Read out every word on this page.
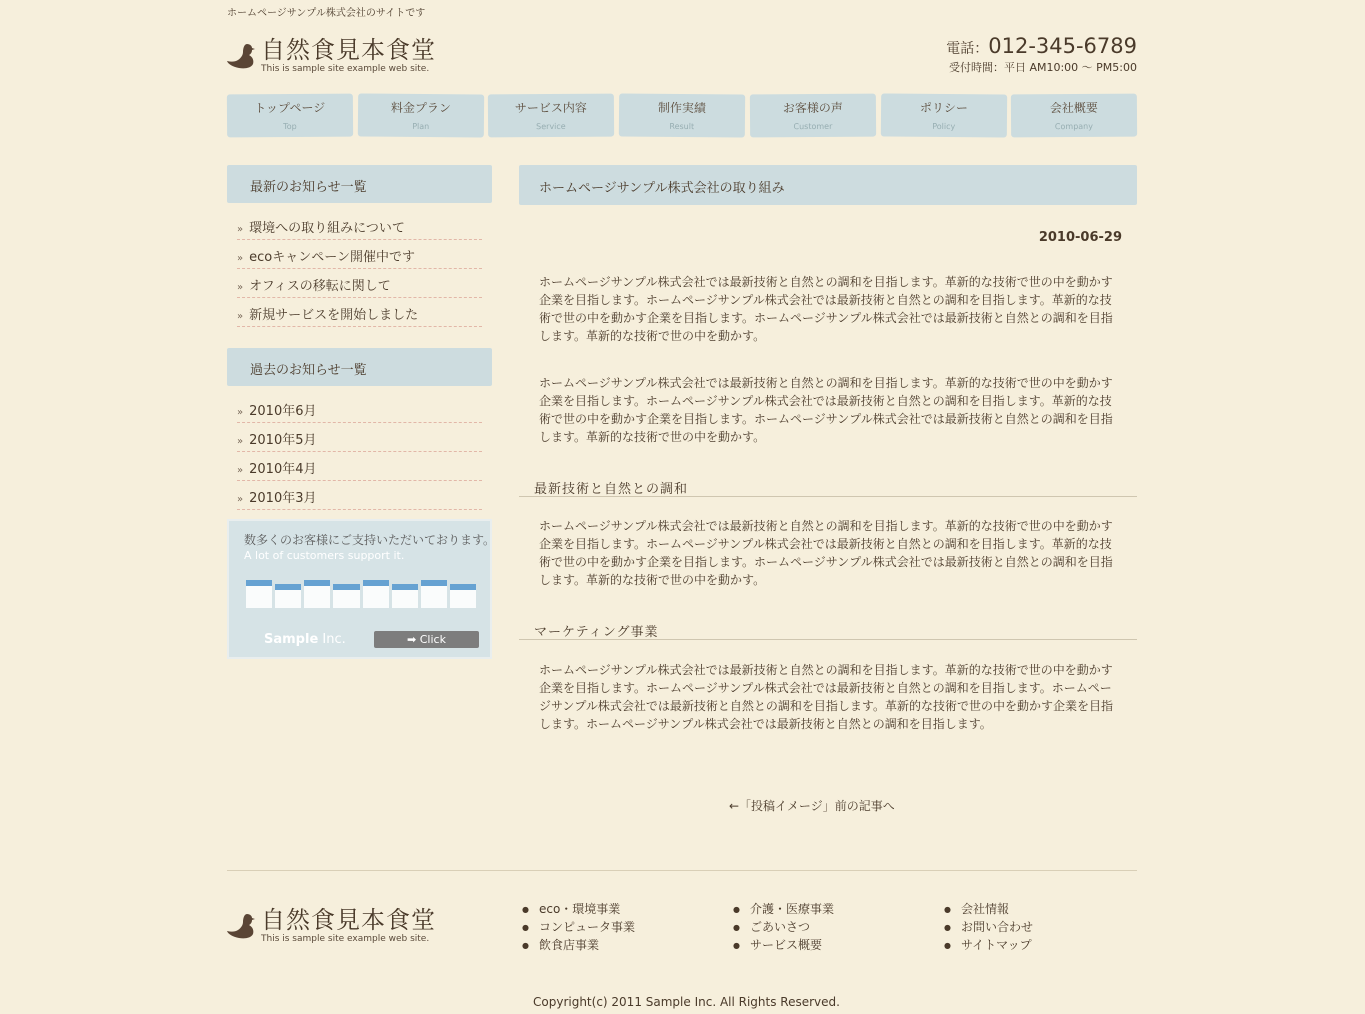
ホームページサンプル株式会社のサイトです
自然食見本食堂
This is sample site example web site.
電話：012-345-6789
受付時間：平日 AM10:00 〜 PM5:00
トップページ
Top
料金プラン
Plan
サービス内容
Service
制作実績
Result
お客様の声
Customer
ポリシー
Policy
会社概要
Company
最新のお知らせ一覧
» 環境への取り組みについて
» ecoキャンペーン開催中です
» オフィスの移転に関して
» 新規サービスを開始しました
過去のお知らせ一覧
» 2010年6月
» 2010年5月
» 2010年4月
» 2010年3月
数多くのお客様にご支持いただいております。
A lot of customers support it.
Sample Inc.	➡ Click
ホームページサンプル株式会社の取り組み
2010-06-29

ホームページサンプル株式会社では最新技術と自然との調和を目指します。革新的な技術で世の中を動かす企業を目指します。ホームページサンプル株式会社では最新技術と自然との調和を目指します。革新的な技術で世の中を動かす企業を目指します。ホームページサンプル株式会社では最新技術と自然との調和を目指します。革新的な技術で世の中を動かす。

ホームページサンプル株式会社では最新技術と自然との調和を目指します。革新的な技術で世の中を動かす企業を目指します。ホームページサンプル株式会社では最新技術と自然との調和を目指します。革新的な技術で世の中を動かす企業を目指します。ホームページサンプル株式会社では最新技術と自然との調和を目指します。革新的な技術で世の中を動かす。

最新技術と自然との調和

ホームページサンプル株式会社では最新技術と自然との調和を目指します。革新的な技術で世の中を動かす企業を目指します。ホームページサンプル株式会社では最新技術と自然との調和を目指します。革新的な技術で世の中を動かす企業を目指します。ホームページサンプル株式会社では最新技術と自然との調和を目指します。革新的な技術で世の中を動かす。

マーケティング事業

ホームページサンプル株式会社では最新技術と自然との調和を目指します。革新的な技術で世の中を動かす企業を目指します。ホームページサンプル株式会社では最新技術と自然との調和を目指します。ホームページサンプル株式会社では最新技術と自然との調和を目指します。革新的な技術で世の中を動かす企業を目指します。ホームページサンプル株式会社では最新技術と自然との調和を目指します。

←「投稿イメージ」前の記事へ
自然食見本食堂
This is sample site example web site.
● eco・環境事業
● コンピュータ事業
● 飲食店事業
● 介護・医療事業
● ごあいさつ
● サービス概要
● 会社情報
● お問い合わせ
● サイトマップ
Copyright(c) 2011 Sample Inc. All Rights Reserved.
